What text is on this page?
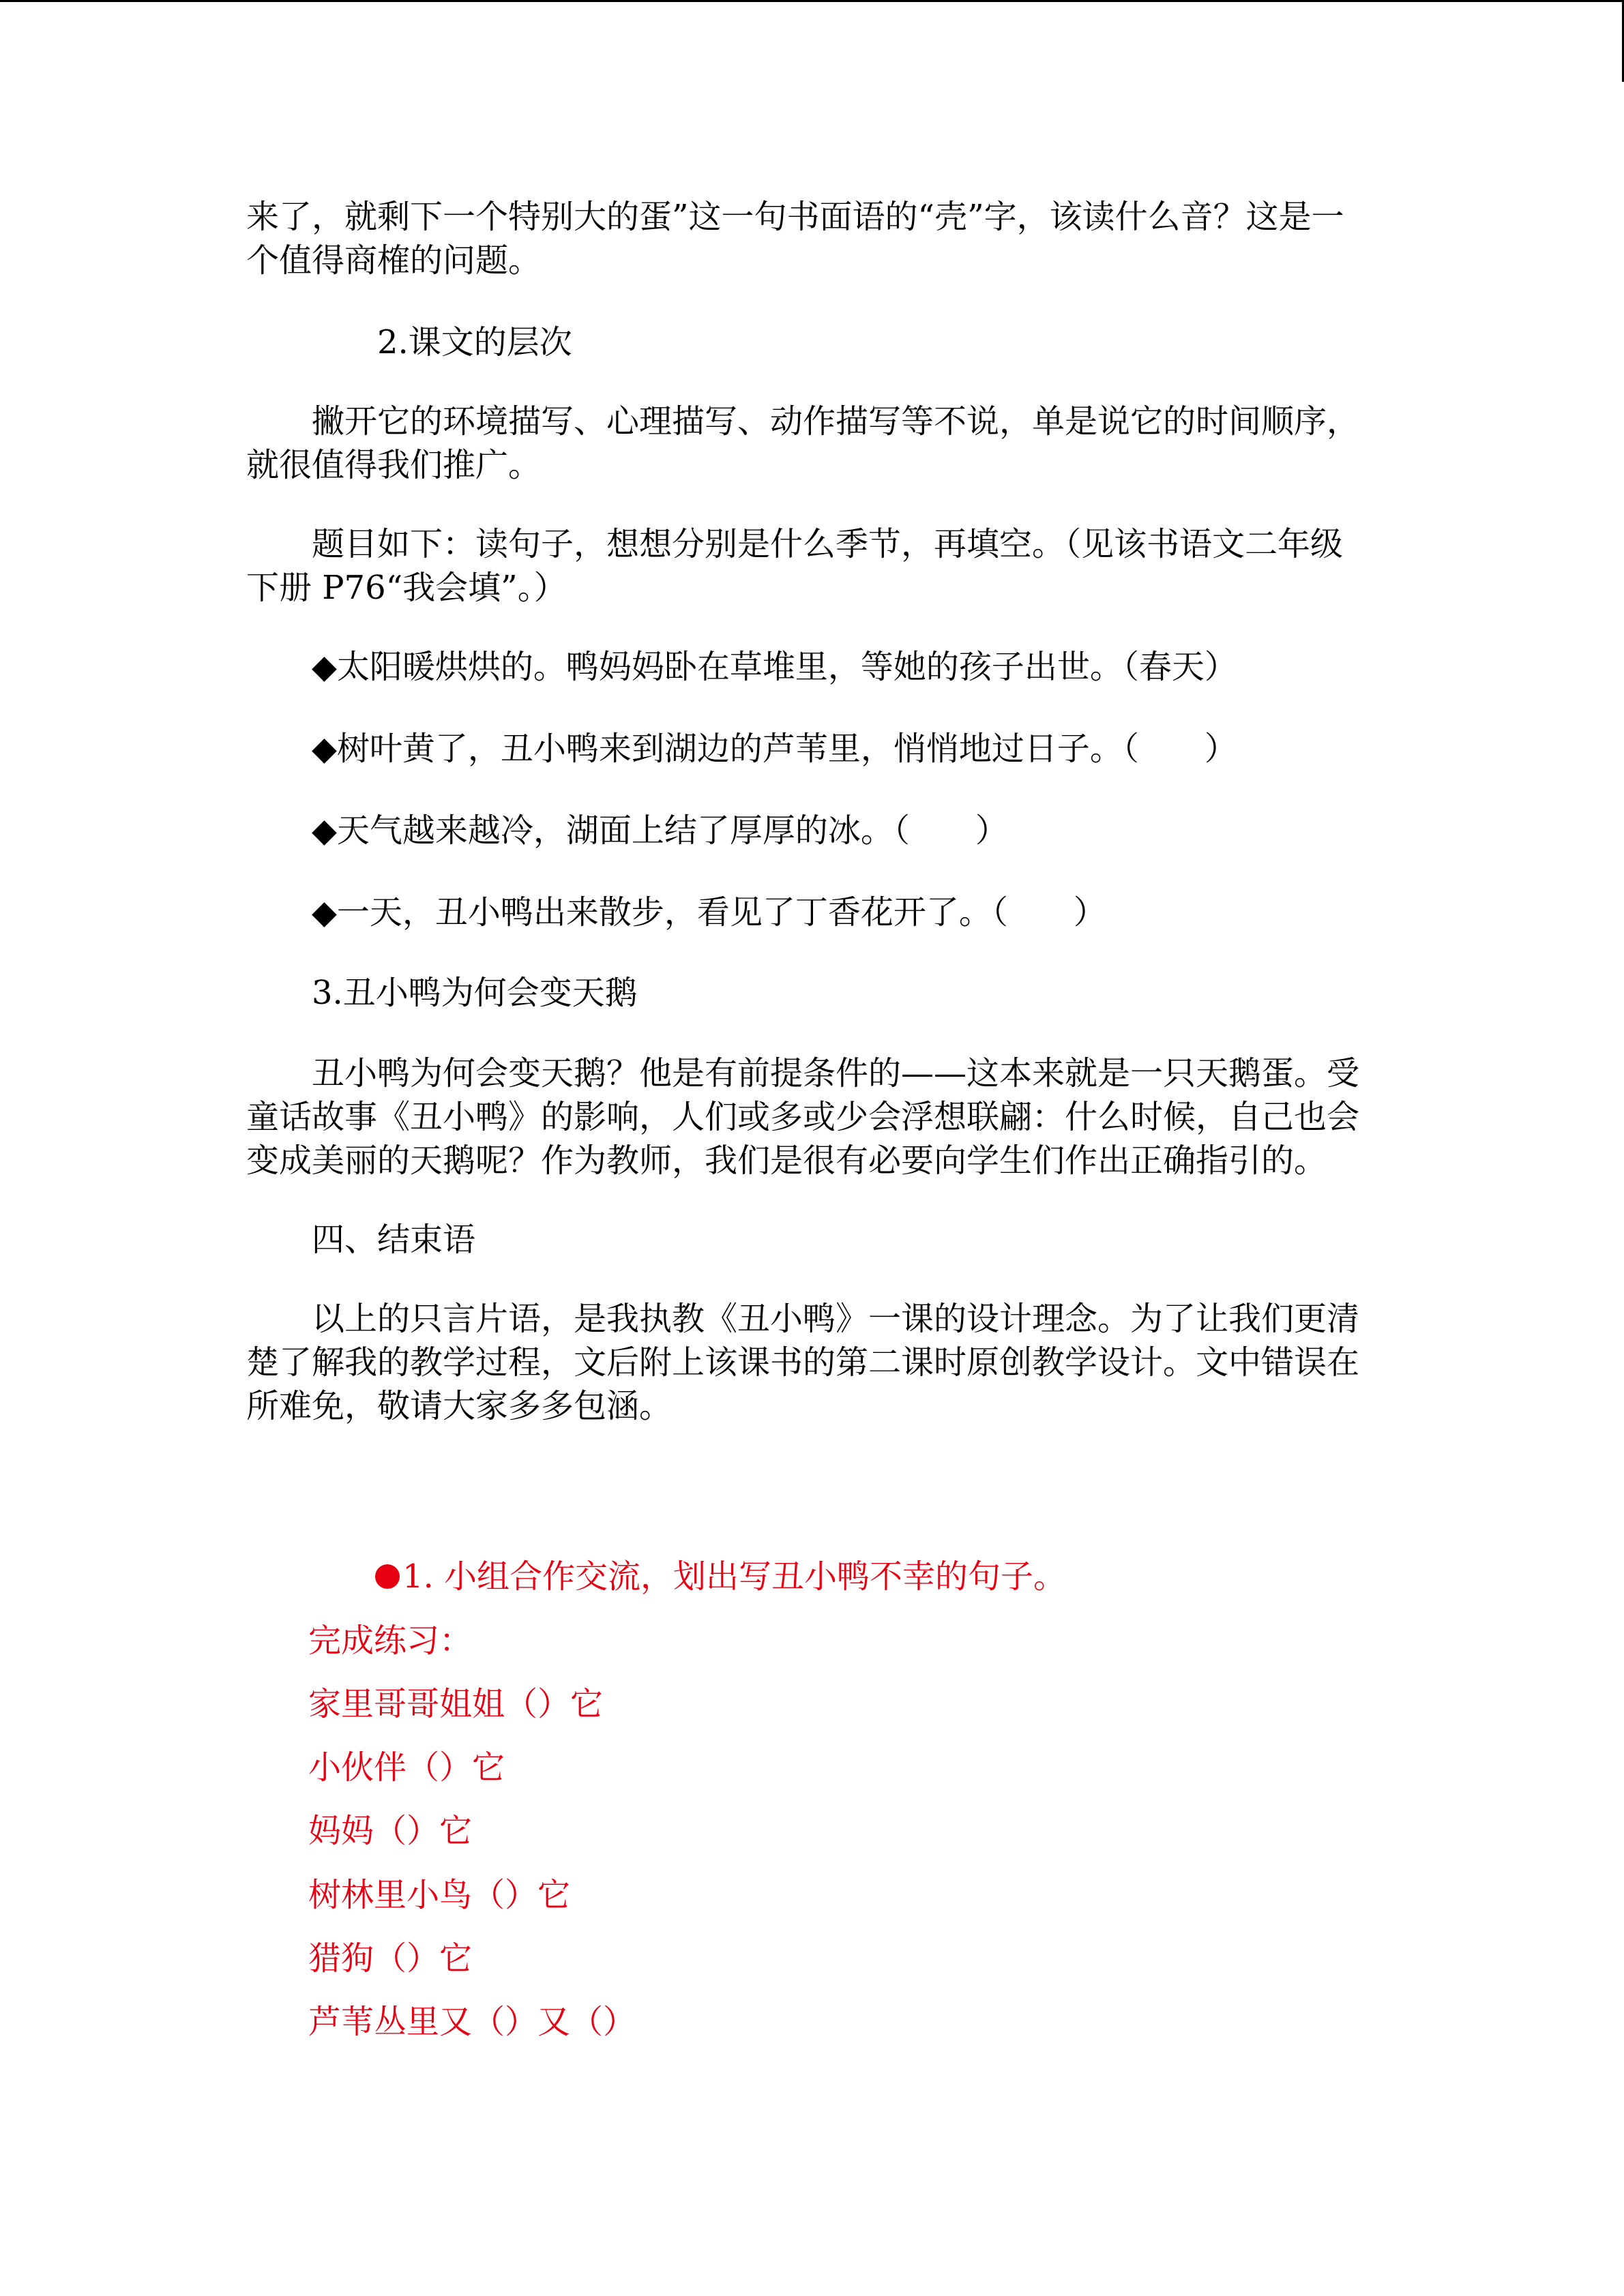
来了，就剩下一个特别大的蛋”这一句书面语的“壳”字，该读什么音？这是一个值得商榷的问题。

2.课文的层次

撇开它的环境描写、心理描写、动作描写等不说，单是说它的时间顺序，就很值得我们推广。

题目如下：读句子，想想分别是什么季节，再填空。（见该书语文二年级下册 P76“我会填”。）

◆太阳暖烘烘的。鸭妈妈卧在草堆里，等她的孩子出世。（春天）

◆树叶黄了，丑小鸭来到湖边的芦苇里，悄悄地过日子。（　　）

◆天气越来越冷，湖面上结了厚厚的冰。（　　）

◆一天，丑小鸭出来散步，看见了丁香花开了。（　　）

3.丑小鸭为何会变天鹅

丑小鸭为何会变天鹅？他是有前提条件的——这本来就是一只天鹅蛋。受童话故事《丑小鸭》的影响，人们或多或少会浮想联翩：什么时候，自己也会变成美丽的天鹅呢？作为教师，我们是很有必要向学生们作出正确指引的。

四、结束语

以上的只言片语，是我执教《丑小鸭》一课的设计理念。为了让我们更清楚了解我的教学过程，文后附上该课书的第二课时原创教学设计。文中错误在所难免，敬请大家多多包涵。

1. 小组合作交流，划出写丑小鸭不幸的句子。

完成练习：

家里哥哥姐姐（）它

小伙伴（）它

妈妈（）它

树林里小鸟（）它

猎狗（）它

芦苇丛里又（）又（）
